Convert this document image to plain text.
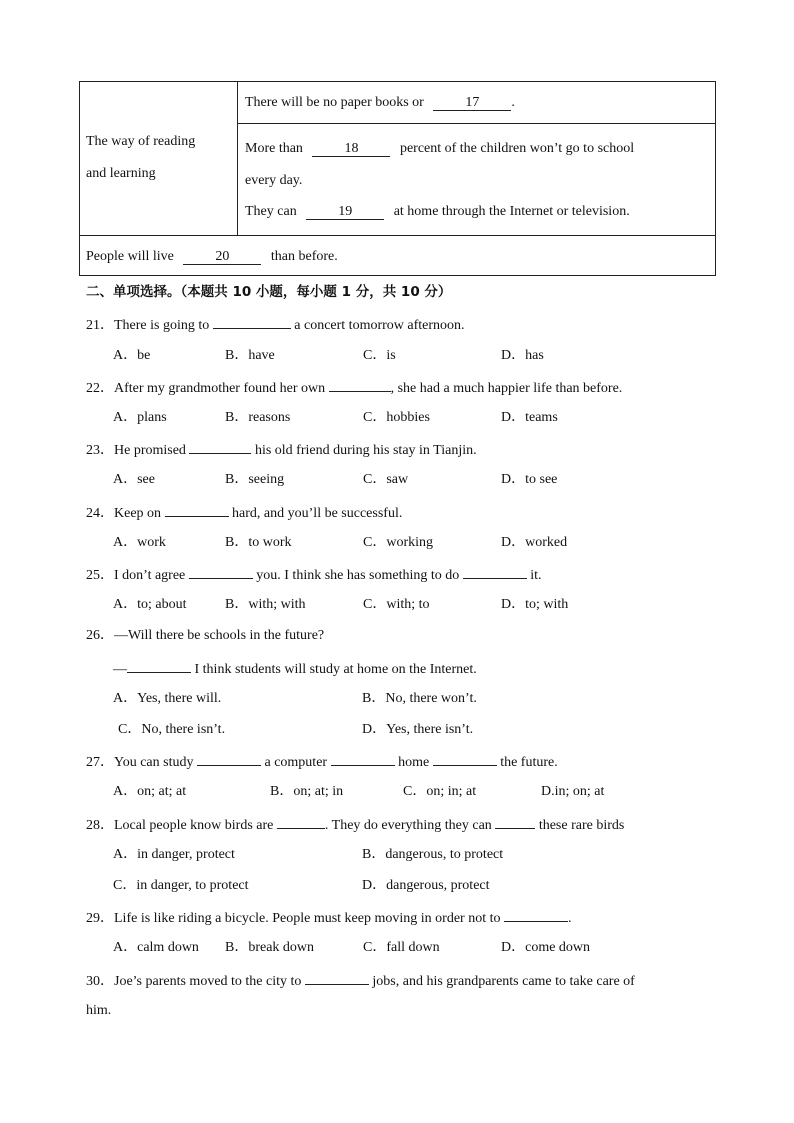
The way of reading
and learning
There will be no paper books or	17 .
More than	18	percent of the children won’t go to school
every day.
They can	19	at home through the Internet or television.
People will live	20	than before.
二、单项选择。（本题共 10 小题，每小题 1 分，共 10 分）
21．There is going to	a concert tomorrow afternoon.
A．be	B．have	C．is	D．has
22．After my grandmother found her own	, she had a much happier life than before.
A．plans	B．reasons	C．hobbies	D．teams
23．He promised	his old friend during his stay in Tianjin.
A．see	B．seeing	C．saw	D．to see
24．Keep on	hard, and you’ll be successful.
A．work	B．to work	C．working	D．worked
25．I don’t agree	you. I think she has something to do	it.
A．to; about	B．with; with	C．with; to	D．to; with
26．—Will there be schools in the future?
—	I think students will study at home on the Internet.
A．Yes, there will.	B．No, there won’t.
C．No, there isn’t.	D．Yes, there isn’t.
27．You can study	a computer	home	the future.
A．on; at; at	B．on; at; in	C．on; in; at	D.in; on; at
28．Local people know birds are	. They do everything they can	these rare birds
A．in danger, protect	B．dangerous, to protect
C．in danger, to protect	D．dangerous, protect
29．Life is like riding a bicycle. People must keep moving in order not to	.
A．calm down B．break down	C．fall down	D．come down
30．Joe’s parents moved to the city to	jobs, and his grandparents came to take care of
him.
